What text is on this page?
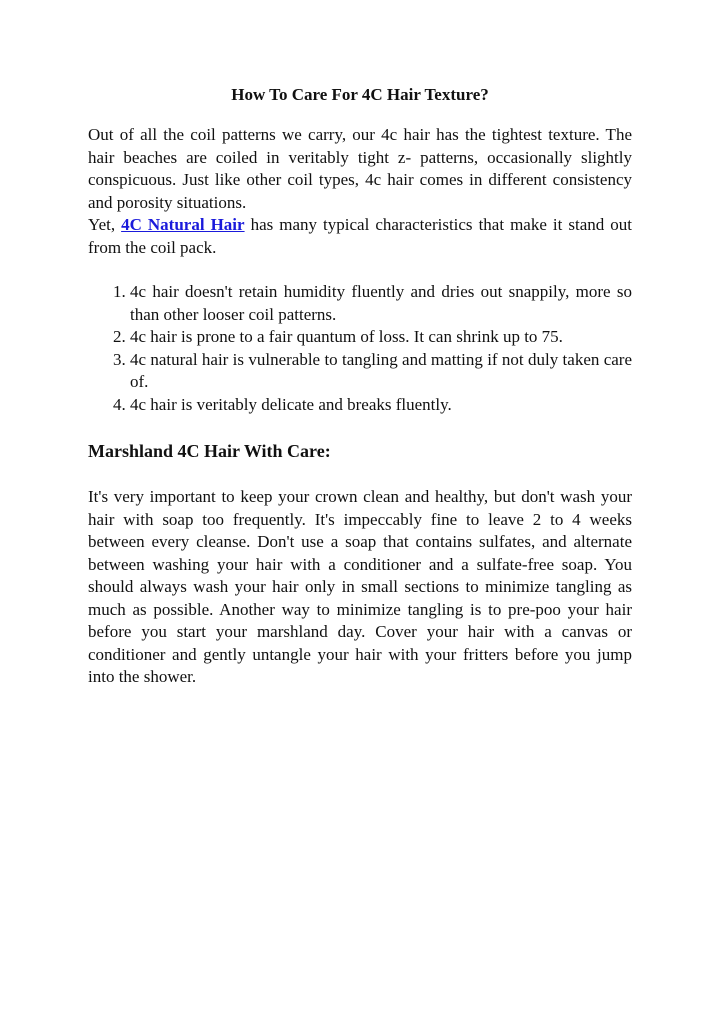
How To Care For 4C Hair Texture?

Out of all the coil patterns we carry, our 4c hair has the tightest texture. The hair beaches are coiled in veritably tight z- patterns, occasionally slightly conspicuous. Just like other coil types, 4c hair comes in different consistency and porosity situations.

Yet, 4C Natural Hair has many typical characteristics that make it stand out from the coil pack.

1. 4c hair doesn't retain humidity fluently and dries out snappily, more so than other looser coil patterns.
2. 4c hair is prone to a fair quantum of loss. It can shrink up to 75.
3. 4c natural hair is vulnerable to tangling and matting if not duly taken care of.
4. 4c hair is veritably delicate and breaks fluently.
Marshland 4C Hair With Care:

It's very important to keep your crown clean and healthy, but don't wash your hair with soap too frequently. It's impeccably fine to leave 2 to 4 weeks between every cleanse. Don't use a soap that contains sulfates, and alternate between washing your hair with a conditioner and a sulfate-free soap. You should always wash your hair only in small sections to minimize tangling as much as possible. Another way to minimize tangling is to pre-poo your hair before you start your marshland day. Cover your hair with a canvas or conditioner and gently untangle your hair with your fritters before you jump into the shower.
